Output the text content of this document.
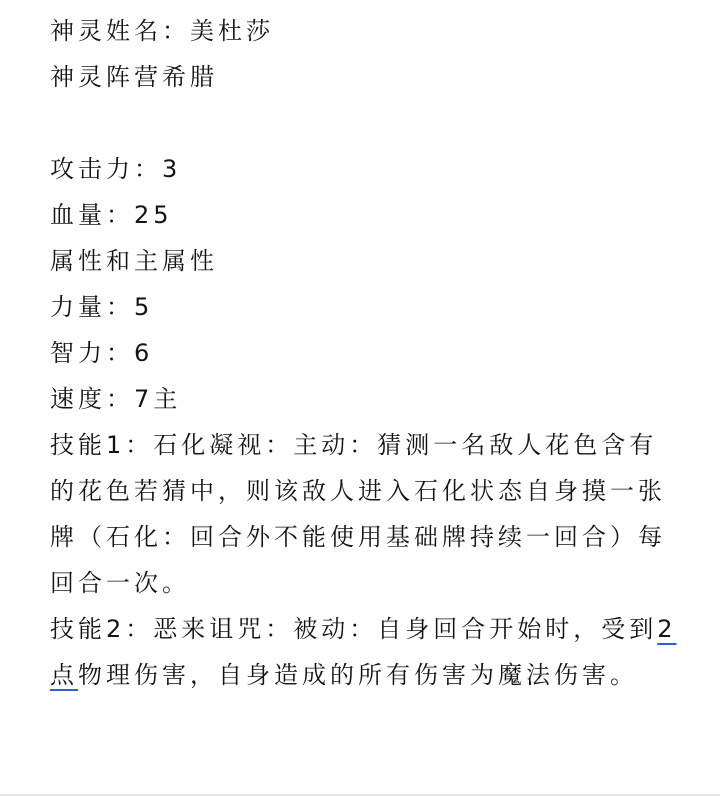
神灵姓名：美杜莎
神灵阵营希腊
攻击力：3
血量：25
属性和主属性
力量：5
智力：6
速度：7主
技能1：石化凝视：主动：猜测一名敌人花色含有的花色若猜中，则该敌人进入石化状态自身摸一张牌（石化：回合外不能使用基础牌持续一回合）每回合一次。
技能2：恶来诅咒：被动：自身回合开始时，受到2点物理伤害，自身造成的所有伤害为魔法伤害。
